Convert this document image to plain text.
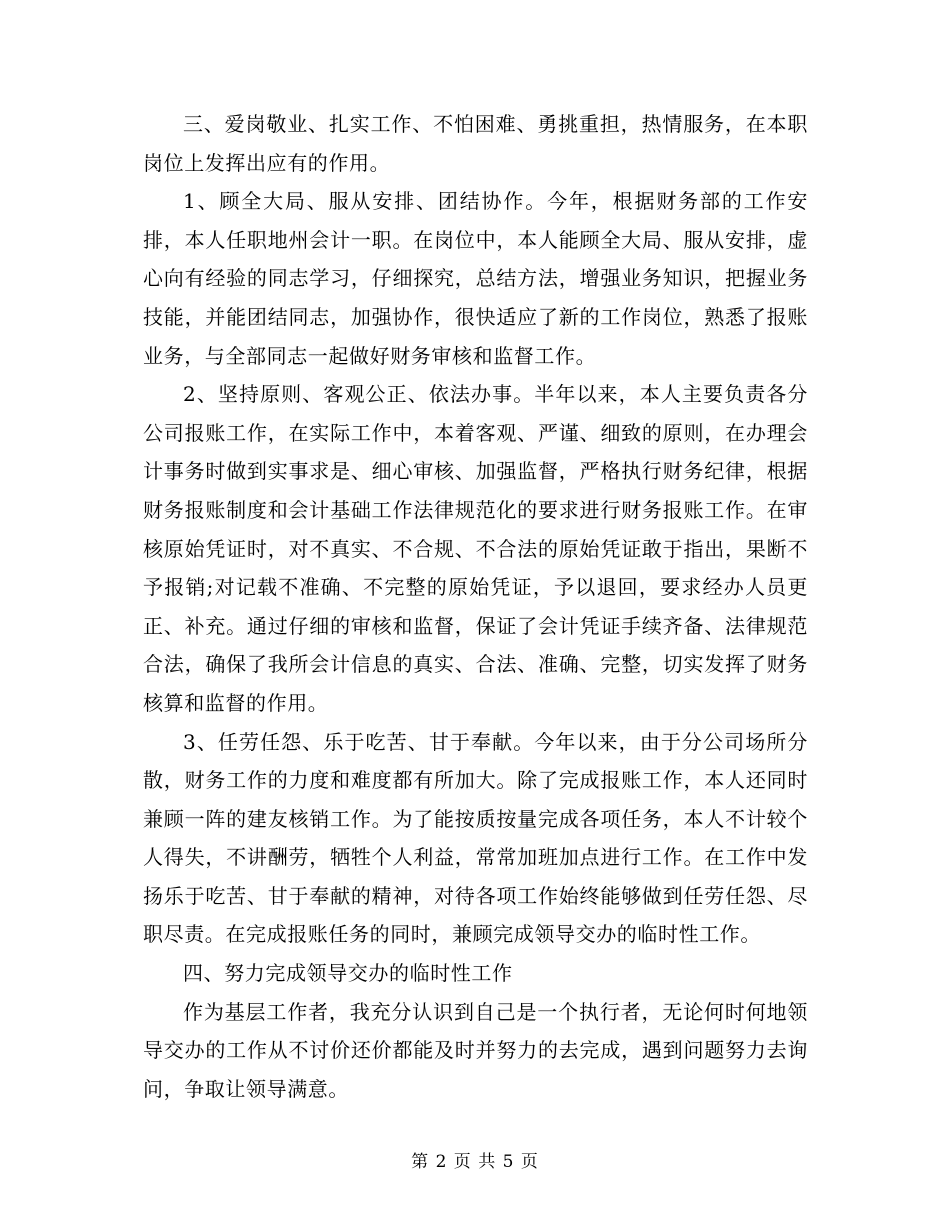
三、爱岗敬业、扎实工作、不怕困难、勇挑重担，热情服务，在本职岗位上发挥出应有的作用。

1、顾全大局、服从安排、团结协作。今年，根据财务部的工作安排，本人任职地州会计一职。在岗位中，本人能顾全大局、服从安排，虚心向有经验的同志学习，仔细探究，总结方法，增强业务知识，把握业务技能，并能团结同志，加强协作，很快适应了新的工作岗位，熟悉了报账业务，与全部同志一起做好财务审核和监督工作。

2、坚持原则、客观公正、依法办事。半年以来，本人主要负责各分公司报账工作，在实际工作中，本着客观、严谨、细致的原则，在办理会计事务时做到实事求是、细心审核、加强监督，严格执行财务纪律，根据财务报账制度和会计基础工作法律规范化的要求进行财务报账工作。在审核原始凭证时，对不真实、不合规、不合法的原始凭证敢于指出，果断不予报销;对记载不准确、不完整的原始凭证，予以退回，要求经办人员更正、补充。通过仔细的审核和监督，保证了会计凭证手续齐备、法律规范合法，确保了我所会计信息的真实、合法、准确、完整，切实发挥了财务核算和监督的作用。

3、任劳任怨、乐于吃苦、甘于奉献。今年以来，由于分公司场所分散，财务工作的力度和难度都有所加大。除了完成报账工作，本人还同时兼顾一阵的建友核销工作。为了能按质按量完成各项任务，本人不计较个人得失，不讲酬劳，牺牲个人利益，常常加班加点进行工作。在工作中发扬乐于吃苦、甘于奉献的精神，对待各项工作始终能够做到任劳任怨、尽职尽责。在完成报账任务的同时，兼顾完成领导交办的临时性工作。

四、努力完成领导交办的临时性工作

作为基层工作者，我充分认识到自己是一个执行者，无论何时何地领导交办的工作从不讨价还价都能及时并努力的去完成，遇到问题努力去询问，争取让领导满意。

第 2 页 共 5 页
